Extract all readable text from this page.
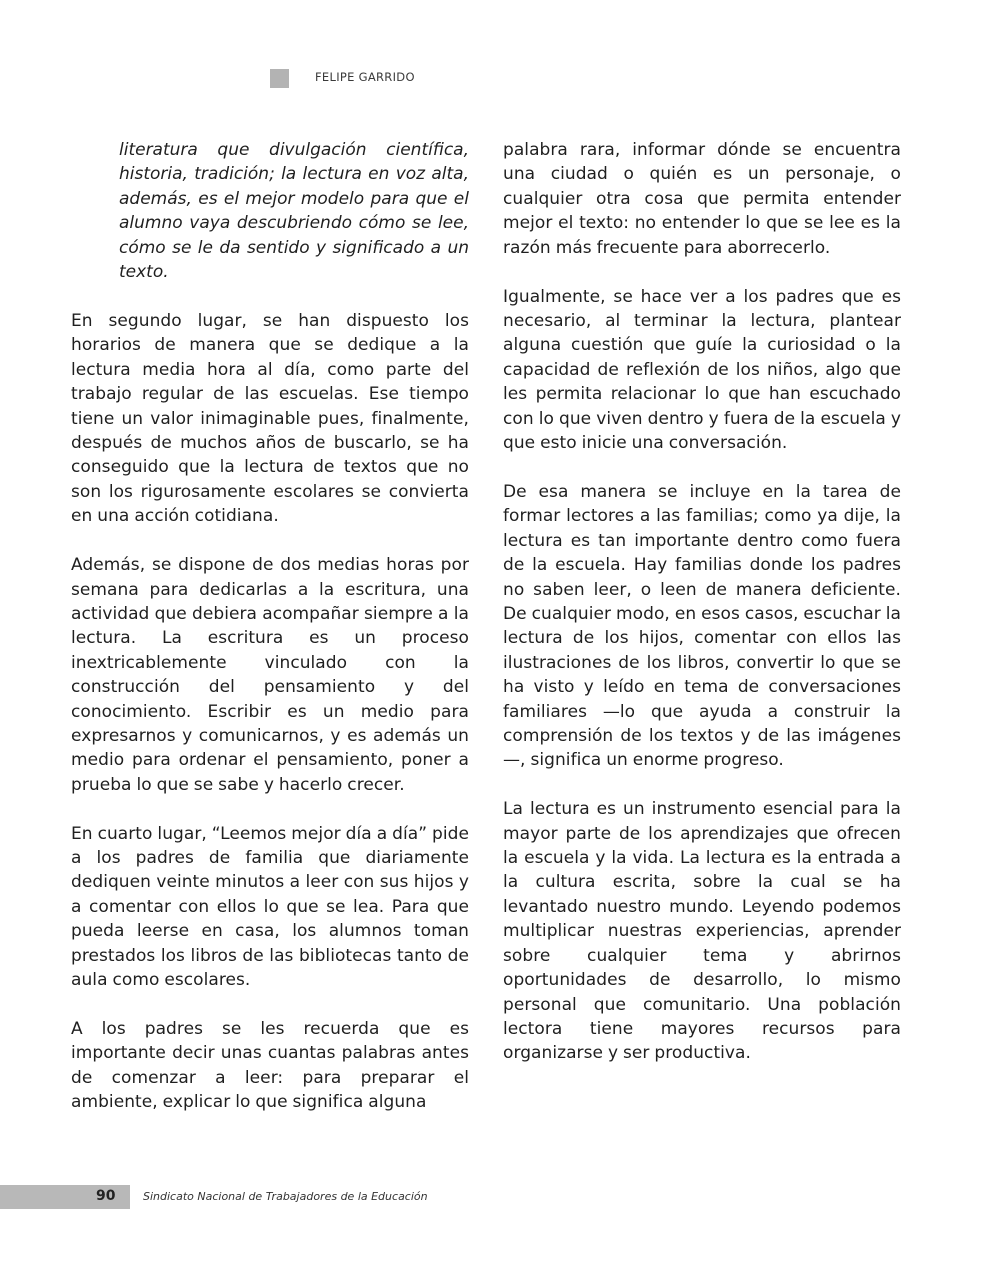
FELIPE GARRIDO
literatura que divulgación científica, historia, tradición; la lectura en voz alta, además, es el mejor modelo para que el alumno vaya descubriendo cómo se lee, cómo se le da sentido y significado a un texto.

En segundo lugar, se han dispuesto los horarios de manera que se dedique a la lectura media hora al día, como parte del trabajo regular de las escuelas. Ese tiempo tiene un valor inimaginable pues, finalmente, después de muchos años de buscarlo, se ha conseguido que la lectura de textos que no son los rigurosamente escolares se convierta en una acción cotidiana.

Además, se dispone de dos medias horas por semana para dedicarlas a la escritura, una actividad que debiera acompañar siempre a la lectura. La escritura es un proceso inextricablemente vinculado con la construcción del pensamiento y del conocimiento. Escribir es un medio para expresarnos y comunicarnos, y es además un medio para ordenar el pensamiento, poner a prueba lo que se sabe y hacerlo crecer.

En cuarto lugar, “Leemos mejor día a día” pide a los padres de familia que diariamente dediquen veinte minutos a leer con sus hijos y a comentar con ellos lo que se lea. Para que pueda leerse en casa, los alumnos toman prestados los libros de las bibliotecas tanto de aula como escolares.

A los padres se les recuerda que es importante decir unas cuantas palabras antes de comenzar a leer: para preparar el ambiente, explicar lo que significa alguna

palabra rara, informar dónde se encuentra una ciudad o quién es un personaje, o cualquier otra cosa que permita entender mejor el texto: no entender lo que se lee es la razón más frecuente para aborrecerlo.

Igualmente, se hace ver a los padres que es necesario, al terminar la lectura, plantear alguna cuestión que guíe la curiosidad o la capacidad de reflexión de los niños, algo que les permita relacionar lo que han escuchado con lo que viven dentro y fuera de la escuela y que esto inicie una conversación.

De esa manera se incluye en la tarea de formar lectores a las familias; como ya dije, la lectura es tan importante dentro como fuera de la escuela. Hay familias donde los padres no saben leer, o leen de manera deficiente. De cualquier modo, en esos casos, escuchar la lectura de los hijos, comentar con ellos las ilustraciones de los libros, convertir lo que se ha visto y leído en tema de conversaciones familiares —lo que ayuda a construir la comprensión de los textos y de las imágenes—, significa un enorme progreso.

La lectura es un instrumento esencial para la mayor parte de los aprendizajes que ofrecen la escuela y la vida. La lectura es la entrada a la cultura escrita, sobre la cual se ha levantado nuestro mundo. Leyendo podemos multiplicar nuestras experiencias, aprender sobre cualquier tema y abrirnos oportunidades de desarrollo, lo mismo personal que comunitario. Una población lectora tiene mayores recursos para organizarse y ser productiva.

90	Sindicato Nacional de Trabajadores de la Educación
